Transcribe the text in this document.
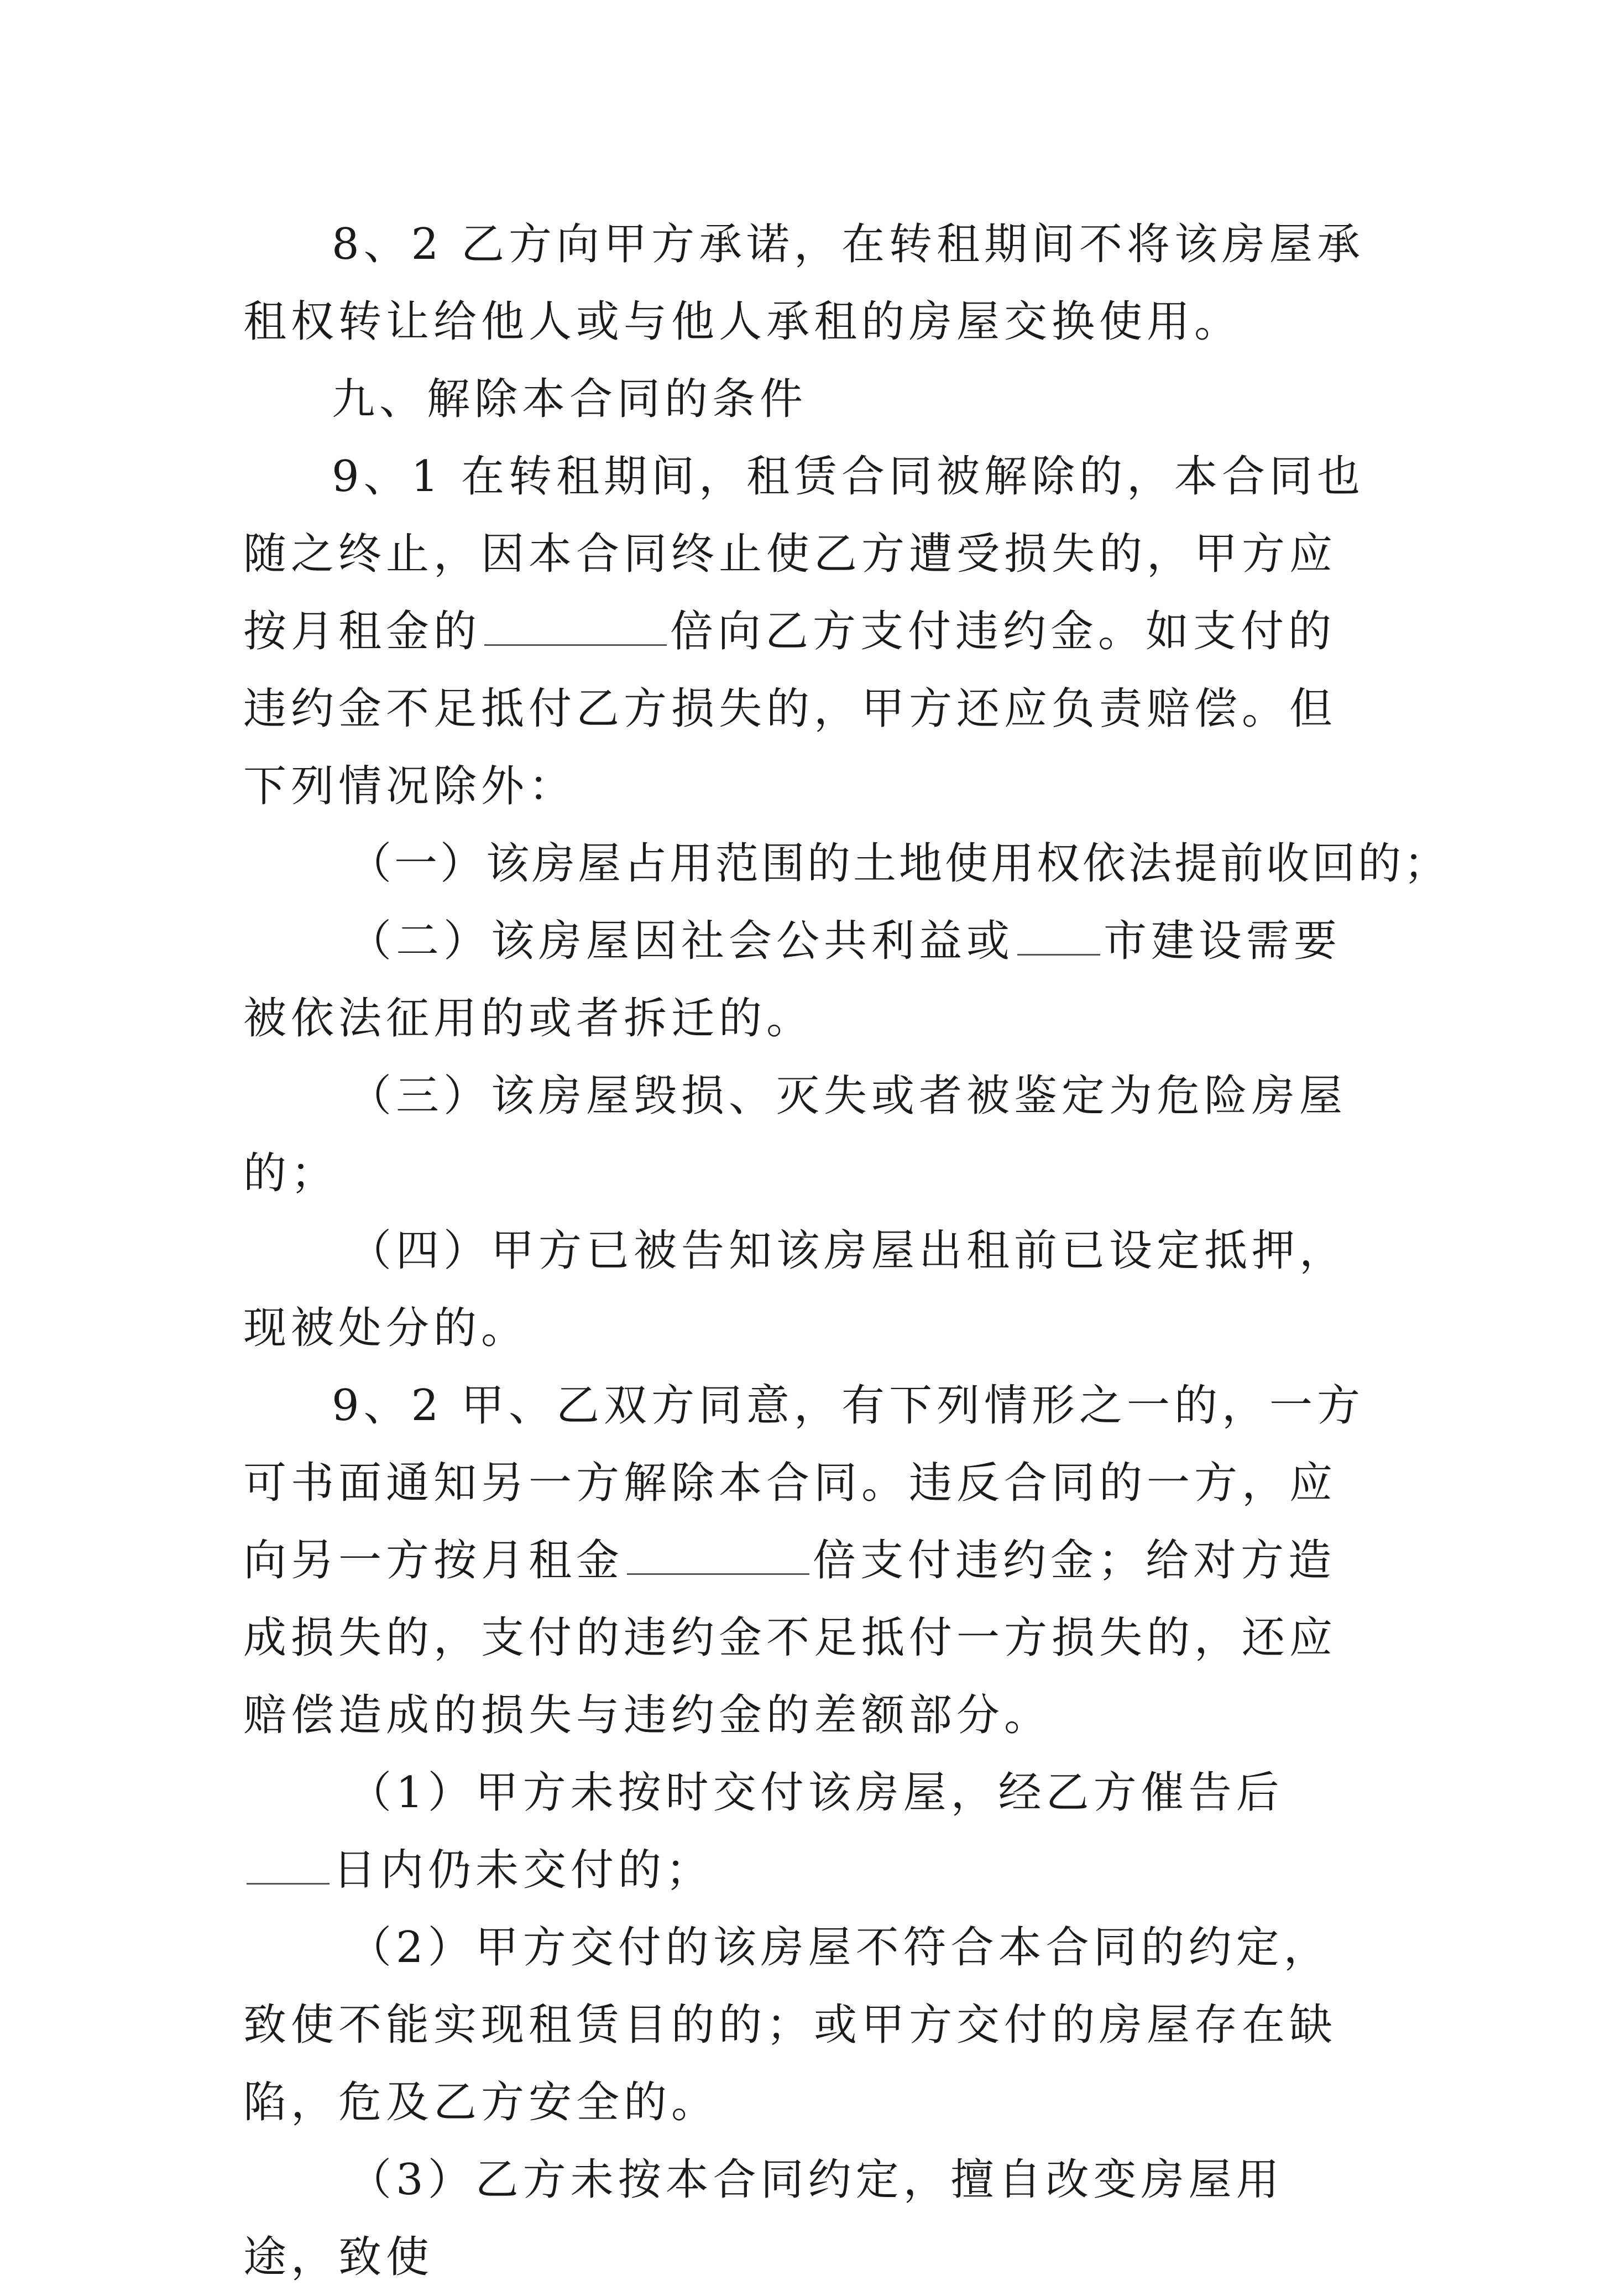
8、2 乙方向甲方承诺，在转租期间不将该房屋承租权转让给他人或与他人承租的房屋交换使用。

九、解除本合同的条件

9、1 在转租期间，租赁合同被解除的，本合同也随之终止，因本合同终止使乙方遭受损失的，甲方应按月租金的	倍向乙方支付违约金。如支付的违约金不足抵付乙方损失的，甲方还应负责赔偿。但下列情况除外：

（一）该房屋占用范围的土地使用权依法提前收回的；

（二）该房屋因社会公共利益或 市建设需要被依法征用的或者拆迁的。

（三）该房屋毁损、灭失或者被鉴定为危险房屋的；

（四）甲方已被告知该房屋出租前已设定抵押，现被处分的。

9、2 甲、乙双方同意，有下列情形之一的，一方可书面通知另一方解除本合同。违反合同的一方，应向另一方按月租金	倍支付违约金；给对方造成损失的，支付的违约金不足抵付一方损失的，还应赔偿造成的损失与违约金的差额部分。

（1）甲方未按时交付该房屋，经乙方催告后日内仍未交付的；

（2）甲方交付的该房屋不符合本合同的约定，致使不能实现租赁目的的；或甲方交付的房屋存在缺陷，危及乙方安全的。

（3）乙方未按本合同约定，擅自改变房屋用途，致使
